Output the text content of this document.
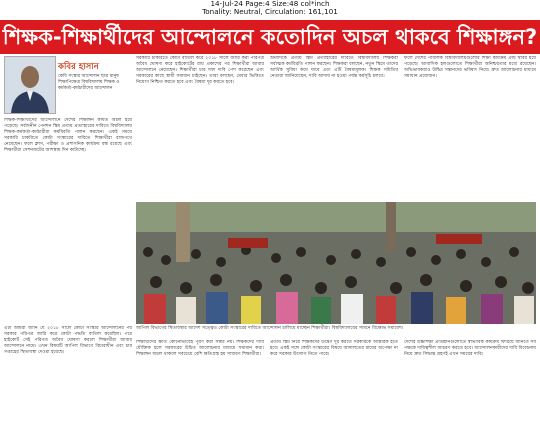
14-Jul-24 Page:4 Size:48 col*inch
Tonality: Neutral, Circulation: 161,101
শিক্ষক-শিক্ষার্থীদের আন্দোলনে কতোদিন অচল থাকবে শিক্ষাঙ্গন?
কবির হাসান
কেবি সংস্কার আন্দোলন ছাত্র মানুষ শিক্ষাপিক্ষেত্র বিশ্ববিদ্যালয় শিক্ষক ও কর্মকর্তা-কর্মচারীদের আন্দোলন

শিক্ষক-শিক্ষার্থীদের আন্দোলনে দেশের শিক্ষাঙ্গন কার্যত অচল হয়ে পড়েছে। সর্বজনীন পেনশন স্কিম প্রত্যয় প্রত্যাহারের দাবিতে বিশ্ববিদ্যালয় শিক্ষক-কর্মকর্তা-কর্মচারীরা কর্মবিরতি পালন করছেন। একই সময়ে সরকারি চাকরিতে কোটা সংস্কারের দাবিতে শিক্ষার্থীরা রাজপথে নেমেছেন। ফলে ক্লাস, পরীক্ষা ও প্রশাসনিক কার্যক্রম বন্ধ রয়েছে এবং শিক্ষার্থীরা সেশনজটের আশঙ্কায় দিন কাটাচ্ছে।

সরকারি চাকরিতে কোটা বাতিল করে ২০১৮ সালে জারি করা পরিপত্র অবৈধ ঘোষণা করে হাইকোর্টের রায় প্রকাশের পর শিক্ষার্থীরা আবার আন্দোলনে নেমেছেন। শিক্ষার্থীরা চার দফা দাবি পেশ করেছেন এবং সরকারের কাছে স্থায়ী সমাধান চাইছেন। তারা বলছেন, মেধার ভিত্তিতে নিয়োগ নিশ্চিত করতে হবে এবং বৈষম্য দূর করতে হবে।

অন্যদিকে প্রত্যয় স্কিম প্রত্যাহারের দাবিতে বিশ্ববিদ্যালয় শিক্ষকরা সর্বাত্মক কর্মবিরতি পালন করছেন। শিক্ষকরা বলছেন, নতুন স্কিমে তাদের আর্থিক সুবিধা কমে যাবে এবং এটি বৈষম্যমূলক। শিক্ষক সমিতির নেতারা জানিয়েছেন, দাবি আদায় না হওয়া পর্যন্ত কর্মসূচি চলবে।

ফলে দেশের পাবলিক বিশ্ববিদ্যালয়গুলোর শিক্ষা কার্যক্রম প্রায় স্থবির হয়ে পড়েছে। আবাসিক হলগুলোতে শিক্ষার্থীরা অনিশ্চয়তার মধ্যে রয়েছেন। অভিভাবকরাও উদ্বিগ্ন সন্তানদের ভবিষ্যৎ নিয়ে। দ্রুত আলোচনার মাধ্যমে সমাধান প্রয়োজন।

আপিল বিভাগের স্থিতাবস্থার আদেশ সত্ত্বেও কোটা সংস্কারের দাবিতে আন্দোলন চালিয়ে যাচ্ছেন শিক্ষার্থীরা। বিশ্ববিদ্যালয়ের সামনে বিক্ষোভ সমাবেশ।

এটা আমরা জানি যে ২০১৮ সালে কোটা সংস্কার আন্দোলনের পর সরকার পরিপত্র জারি করে কোটা পদ্ধতি বাতিল করেছিল। পরে হাইকোর্ট সেই পরিপত্র অবৈধ ঘোষণা করলে শিক্ষার্থীরা আবার আন্দোলনে নামে। এখন বিষয়টি আপিল বিভাগে বিচারাধীন এবং চার সপ্তাহের স্থিতাবস্থা দেওয়া হয়েছে।

শিক্ষার্থীদের ক্ষতি কোনোভাবেই পূরণ করা সম্ভব নয়। শিক্ষকদের দাবি যৌক্তিক হলে সরকারের উচিত আলোচনার মাধ্যমে সমাধান করা। শিক্ষাঙ্গন অচল থাকলে সবচেয়ে বেশি ক্ষতিগ্রস্ত হয় সাধারণ শিক্ষার্থীরা।

প্রত্যয় স্কিম নিয়ে শিক্ষকদের উদ্বেগ দূর করতে সরকারকে আন্তরিক হতে হবে। একই সঙ্গে কোটা সংস্কারের বিষয়ে আদালতের রায়ের অপেক্ষা না করে সরকার উদ্যোগ নিতে পারে।

দেশের উচ্চশিক্ষা প্রতিষ্ঠানগুলোতে স্বাভাবিক কার্যক্রম ফিরিয়ে আনতে সব পক্ষকে দায়িত্বশীল আচরণ করতে হবে। আন্দোলনকারীদের দাবি বিবেচনায় নিয়ে দ্রুত সিদ্ধান্ত গ্রহণই এখন সময়ের দাবি।
